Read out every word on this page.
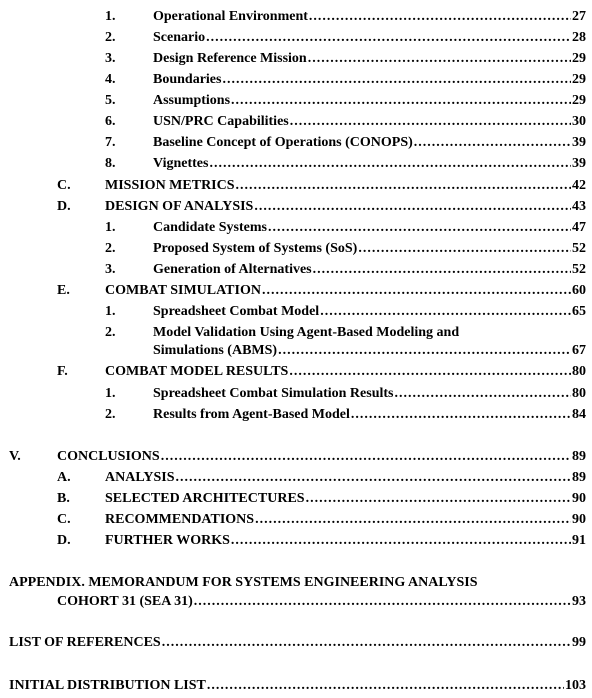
1.	Operational Environment .....	27
2.	Scenario .....	28
3.	Design Reference Mission .....	29
4.	Boundaries .....	29
5.	Assumptions .....	29
6.	USN/PRC Capabilities .....	30
7.	Baseline Concept of Operations (CONOPS) .....	39
8.	Vignettes .....	39
C. MISSION METRICS .....	42
D. DESIGN OF ANALYSIS .....	43
1.	Candidate Systems .....	47
2.	Proposed System of Systems (SoS) .....	52
3.	Generation of Alternatives .....	52
E.	COMBAT SIMULATION .....	60
1.	Spreadsheet Combat Model .....	65
2.	Model Validation Using Agent-Based Modeling and
Simulations (ABMS) .....	67
F.	COMBAT MODEL RESULTS .....	80
1.	Spreadsheet Combat Simulation Results .....	80
2.	Results from Agent-Based Model .....	84
V.	CONCLUSIONS .....	89
A. ANALYSIS .....	89
B.	SELECTED ARCHITECTURES .....	90
C. RECOMMENDATIONS .....	90
D. FURTHER WORKS .....	91
APPENDIX. MEMORANDUM FOR SYSTEMS ENGINEERING ANALYSIS
COHORT 31 (SEA 31) .....	93
LIST OF REFERENCES .....	99
INITIAL DISTRIBUTION LIST .....	103
